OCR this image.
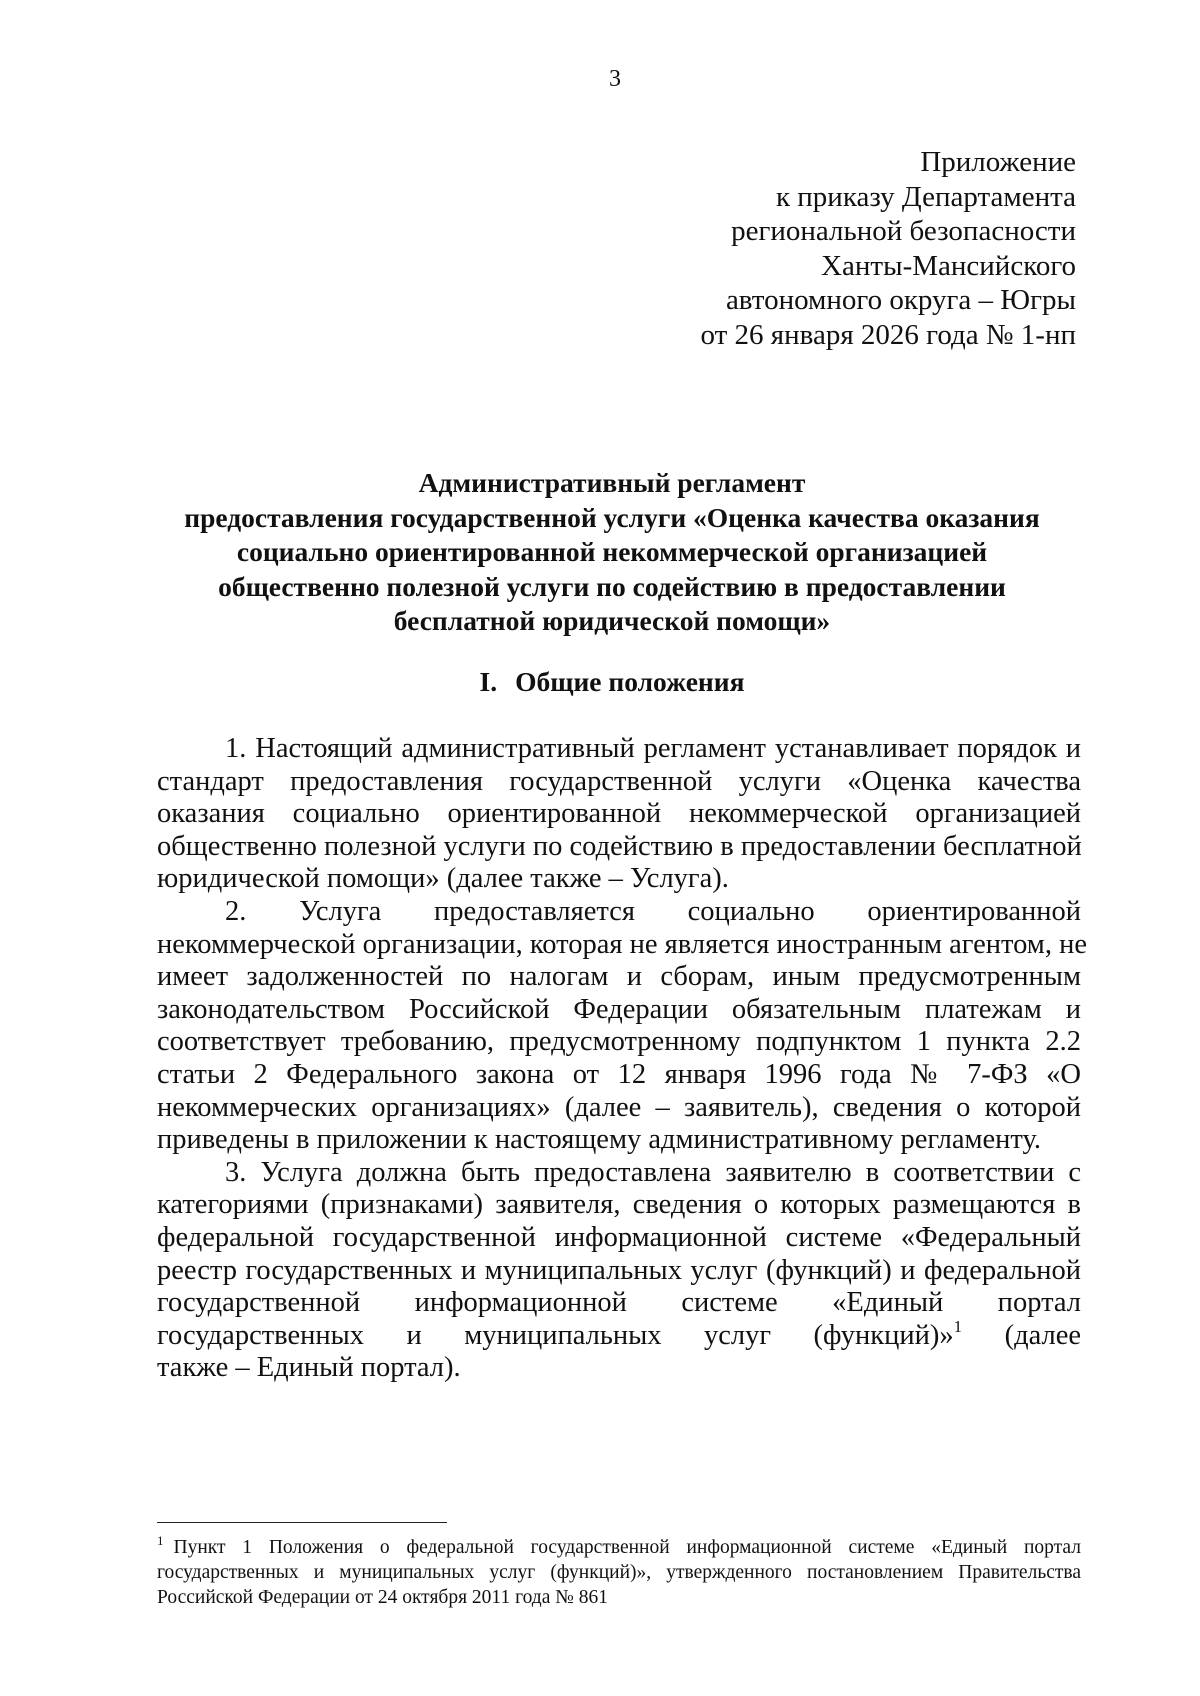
3
Приложение
к приказу Департамента
региональной безопасности
Ханты-Мансийского
автономного округа – Югры
от 26 января 2026 года № 1-нп
Административный регламент
предоставления государственной услуги «Оценка качества оказания
социально ориентированной некоммерческой организацией
общественно полезной услуги по содействию в предоставлении
бесплатной юридической помощи»
I. Общие положения

1. Настоящий административный регламент устанавливает порядок и

стандарт предоставления государственной услуги «Оценка качества

оказания социально ориентированной некоммерческой организацией

общественно полезной услуги по содействию в предоставлении бесплатной

юридической помощи» (далее также – Услуга).

2. Услуга предоставляется социально ориентированной

некоммерческой организации, которая не является иностранным агентом, не

имеет задолженностей по налогам и сборам, иным предусмотренным

законодательством Российской Федерации обязательным платежам и

соответствует требованию, предусмотренному подпунктом 1 пункта 2.2

статьи 2 Федерального закона от 12 января 1996 года № 7-ФЗ «О

некоммерческих организациях» (далее – заявитель), сведения о которой

приведены в приложении к настоящему административному регламенту.

3. Услуга должна быть предоставлена заявителю в соответствии с

категориями (признаками) заявителя, сведения о которых размещаются в

федеральной государственной информационной системе «Федеральный

реестр государственных и муниципальных услуг (функций) и федеральной

государственной информационной системе «Единый портал

государственных и муниципальных услуг (функций)»$^1$ (далее

также – Единый портал).

$^1$ Пункт 1 Положения о федеральной государственной информационной системе «Единый портал

государственных и муниципальных услуг (функций)», утвержденного постановлением Правительства

Российской Федерации от 24 октября 2011 года № 861
